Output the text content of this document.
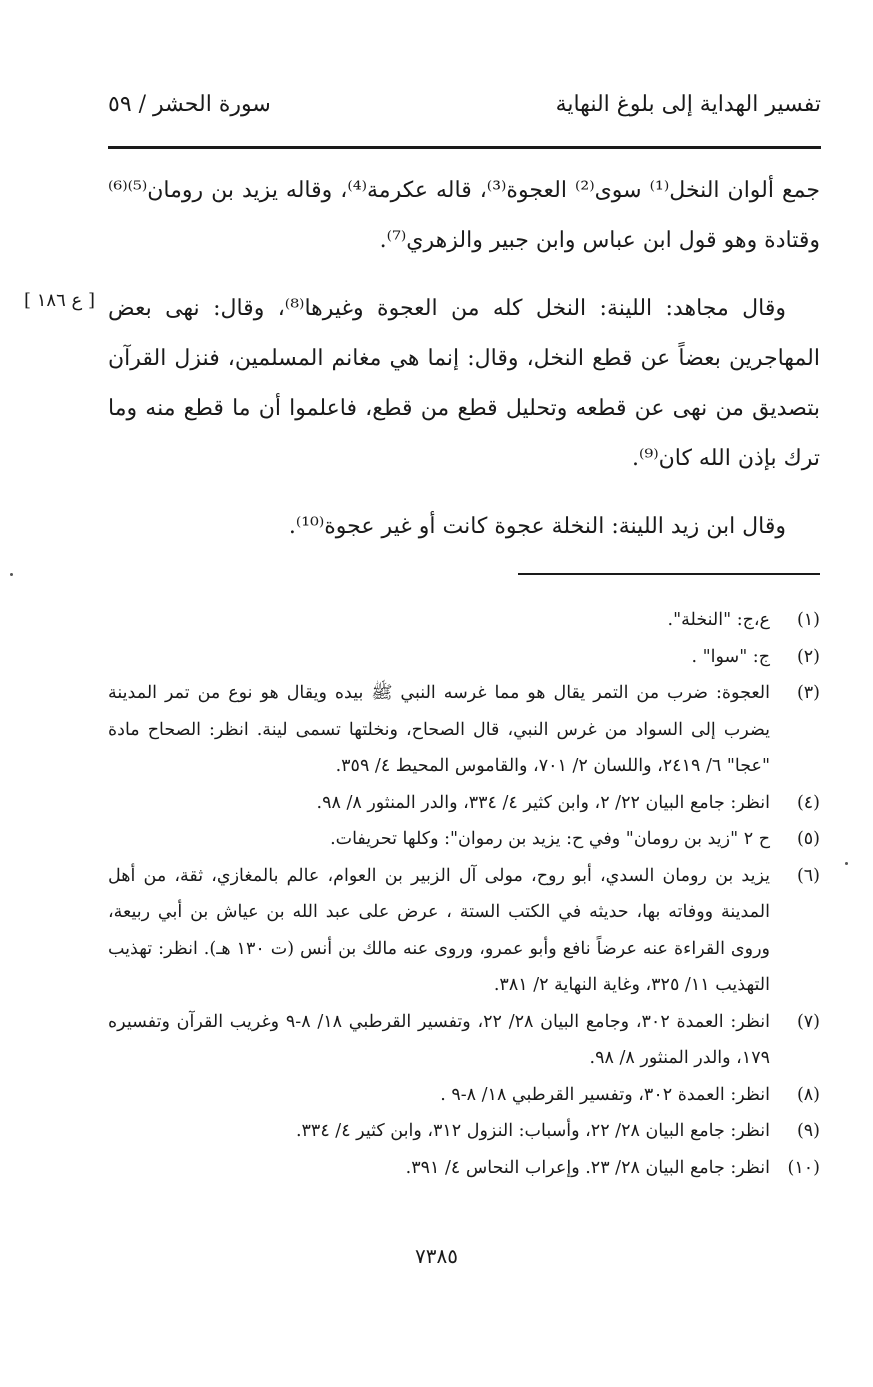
تفسير الهداية إلى بلوغ النهاية
سورة الحشر / ٥٩
[ ع ١٨٦ ]

جمع ألوان النخل⁽¹⁾ سوى⁽²⁾ العجوة⁽³⁾، قاله عكرمة⁽⁴⁾، وقاله يزيد بن رومان⁽⁵⁾⁽⁶⁾ وقتادة وهو قول ابن عباس وابن جبير والزهري⁽⁷⁾.

وقال مجاهد: اللينة: النخل كله من العجوة وغيرها⁽⁸⁾، وقال: نهى بعض المهاجرين بعضاً عن قطع النخل، وقال: إنما هي مغانم المسلمين، فنزل القرآن بتصديق من نهى عن قطعه وتحليل قطع من قطع، فاعلموا أن ما قطع منه وما ترك بإذن الله كان⁽⁹⁾.

وقال ابن زيد اللينة: النخلة عجوة كانت أو غير عجوة⁽¹⁰⁾.

(١)
ع،ج: "النخلة".
(٢)
ج: "سوا" .
(٣)
العجوة: ضرب من التمر يقال هو مما غرسه النبي ﷺ بيده ويقال هو نوع من تمر المدينة يضرب إلى السواد من غرس النبي، قال الصحاح، ونخلتها تسمى لينة. انظر: الصحاح مادة "عجا" ٦/ ٢٤١٩، واللسان ٢/ ٧٠١، والقاموس المحيط ٤/ ٣٥٩.
(٤)
انظر: جامع البيان ٢٢/ ٢، وابن كثير ٤/ ٣٣٤، والدر المنثور ٨/ ٩٨.
(٥)
ح ٢ "زيد بن رومان" وفي ح: يزيد بن رموان": وكلها تحريفات.
(٦)
يزيد بن رومان السدي، أبو روح، مولى آل الزبير بن العوام، عالم بالمغازي، ثقة، من أهل المدينة ووفاته بها، حديثه في الكتب الستة ، عرض على عبد الله بن عياش بن أبي ربيعة، وروى القراءة عنه عرضاً نافع وأبو عمرو، وروى عنه مالك بن أنس (ت ١٣٠ هـ). انظر: تهذيب التهذيب ١١/ ٣٢٥، وغاية النهاية ٢/ ٣٨١.
(٧)
انظر: العمدة ٣٠٢، وجامع البيان ٢٨/ ٢٢، وتفسير القرطبي ١٨/ ٨-٩ وغريب القرآن وتفسيره ١٧٩، والدر المنثور ٨/ ٩٨.
(٨)
انظر: العمدة ٣٠٢، وتفسير القرطبي ١٨/ ٨-٩ .
(٩)
انظر: جامع البيان ٢٨/ ٢٢، وأسباب: النزول ٣١٢، وابن كثير ٤/ ٣٣٤.
(١٠)
انظر: جامع البيان ٢٨/ ٢٣. وإعراب النحاس ٤/ ٣٩١.
٧٣٨٥
